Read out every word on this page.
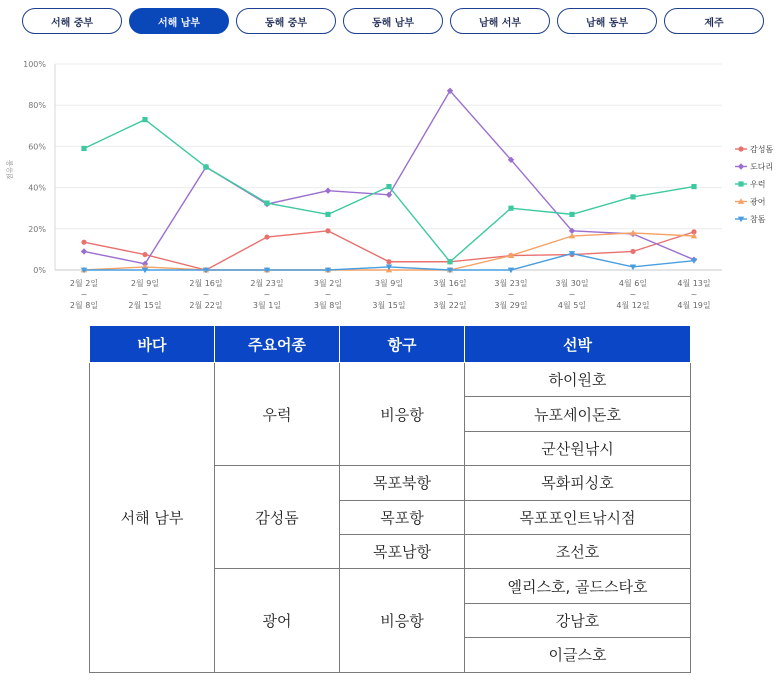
서해 중부	서해 남부	동해 중부	동해 남부	남해 서부	남해 동부	제주
0%
20%
40%
60%
80%
100%
점유율
2월 2일
~
2월 8일
2월 9일
~
2월 15일
2월 16일
~
2월 22일
2월 23일
~
3월 1일
3월 2일
~
3월 8일
3월 9일
~
3월 15일
3월 16일
~
3월 22일
3월 23일
~
3월 29일
3월 30일
~
4월 5일
4월 6일
~
4월 12일
4월 13일
~
4월 19일
감성돔
도다리
우럭
광어
참돔
바다	주요어종	항구	선박
서해 남부	우럭	비응항	하이원호
			뉴포세이돈호
			군산원낚시
	감성돔	목포북항	목화피싱호
		목포항	목포포인트낚시점
		목포남항	조선호
	광어	비응항	엘리스호, 골드스타호
			강남호
			이글스호
